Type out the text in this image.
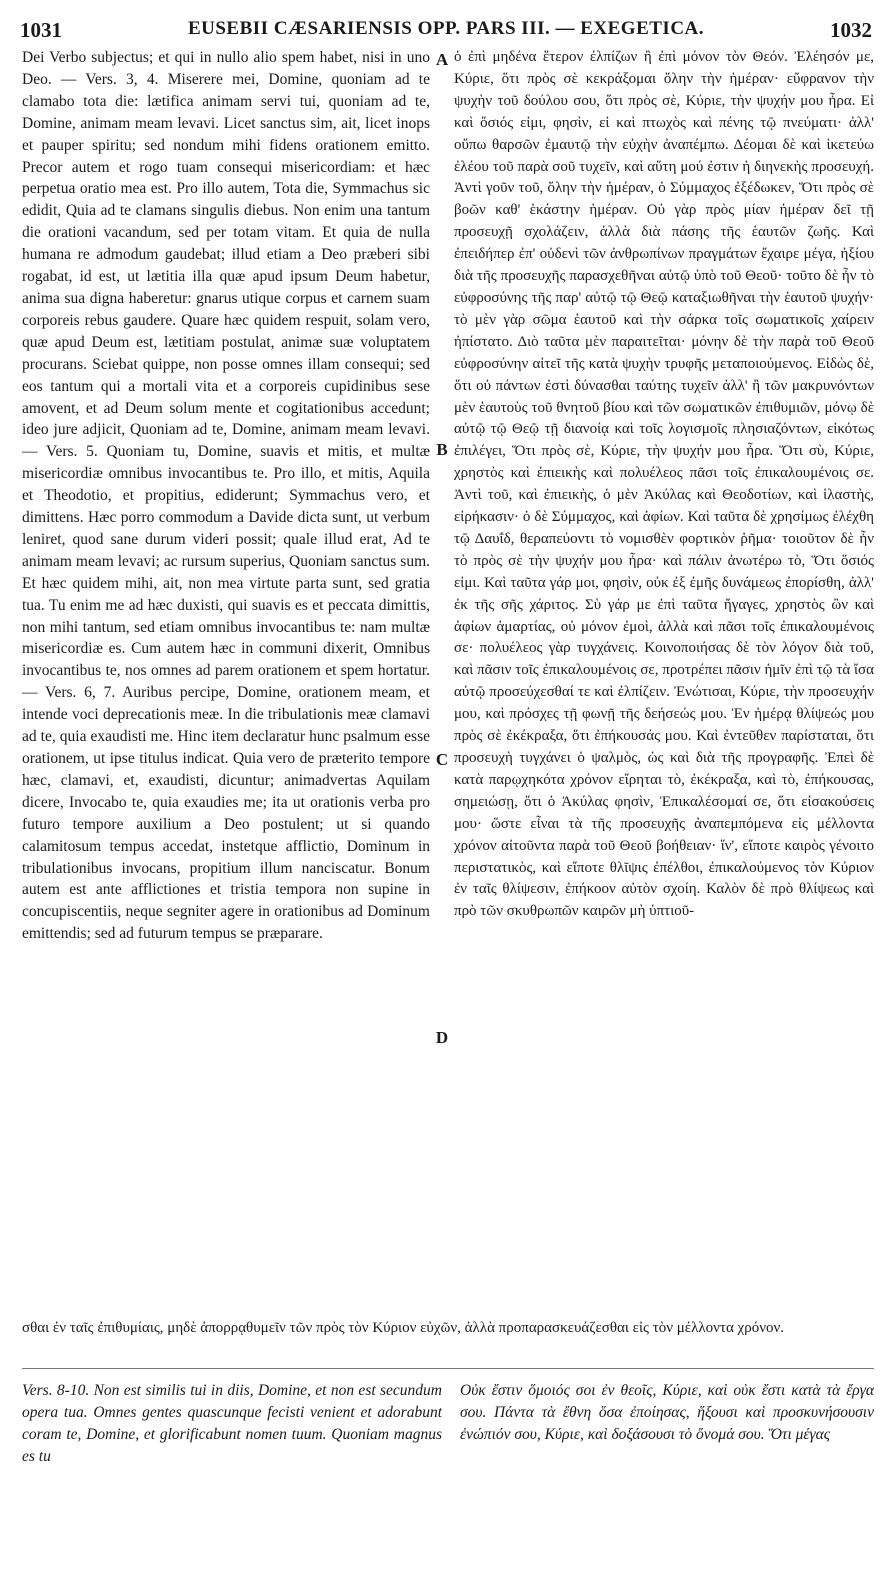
1031	EUSEBII CÆSARIENSIS OPP. PARS III. — EXEGETICA.	1032

Dei Verbo subjectus; et qui in nullo alio spem habet, nisi in uno Deo. — Vers. 3, 4. Miserere mei, Domine, quoniam ad te clamabo tota die: lætifica animam servi tui, quoniam ad te, Domine, animam meam levavi. Licet sanctus sim, ait, licet inops et pauper spiritu; sed nondum mihi fidens orationem emitto. Precor autem et rogo tuam consequi misericordiam: et hæc perpetua oratio mea est. Pro illo autem, Tota die, Symmachus sic edidit, Quia ad te clamans singulis diebus. Non enim una tantum die orationi vacandum, sed per totam vitam. Et quia de nulla humana re admodum gaudebat; illud etiam a Deo præberi sibi rogabat, id est, ut lætitia illa quæ apud ipsum Deum habetur, anima sua digna haberetur: gnarus utique corpus et carnem suam corporeis rebus gaudere. Quare hæc quidem respuit, solam vero, quæ apud Deum est, lætitiam postulat, animæ suæ voluptatem procurans. Sciebat quippe, non posse omnes illam consequi; sed eos tantum qui a mortali vita et a corporeis cupidinibus sese amovent, et ad Deum solum mente et cogitationibus accedunt; ideo jure adjicit, Quoniam ad te, Domine, animam meam levavi. — Vers. 5. Quoniam tu, Domine, suavis et mitis, et multæ misericordiæ omnibus invocantibus te. Pro illo, et mitis, Aquila et Theodotio, et propitius, ediderunt; Symmachus vero, et dimittens. Hæc porro commodum a Davide dicta sunt, ut verbum leniret, quod sane durum videri possit; quale illud erat, Ad te animam meam levavi; ac rursum superius, Quoniam sanctus sum. Et hæc quidem mihi, ait, non mea virtute parta sunt, sed gratia tua. Tu enim me ad hæc duxisti, qui suavis es et peccata dimittis, non mihi tantum, sed etiam omnibus invocantibus te: nam multæ misericordiæ es. Cum autem hæc in communi dixerit, Omnibus invocantibus te, nos omnes ad parem orationem et spem hortatur. — Vers. 6, 7. Auribus percipe, Domine, orationem meam, et intende voci deprecationis meæ. In die tribulationis meæ clamavi ad te, quia exaudisti me. Hinc item declaratur hunc psalmum esse orationem, ut ipse titulus indicat. Quia vero de præterito tempore hæc, clamavi, et, exaudisti, dicuntur; animadvertas Aquilam dicere, Invocabo te, quia exaudies me; ita ut orationis verba pro futuro tempore auxilium a Deo postulent; ut si quando calamitosum tempus accedat, instetque afflictio, Dominum in tribulationibus invocans, propitium illum nanciscatur. Bonum autem est ante afflictiones et tristia tempora non supine in concupiscentiis, neque segniter agere in orationibus ad Dominum emittendis; sed ad futurum tempus se præparare.

A
B
C
D

ὁ ἐπὶ μηδένα ἕτερον ἐλπίζων ἢ ἐπὶ μόνον τὸν Θεόν. Ἐλέησόν με, Κύριε, ὅτι πρὸς σὲ κεκράξομαι ὅλην τὴν ἡμέραν· εὔφρανον τὴν ψυχὴν τοῦ δούλου σου, ὅτι πρὸς σὲ, Κύριε, τὴν ψυχήν μου ἦρα. Εἰ καὶ ὅσιός εἰμι, φησὶν, εἰ καὶ πτωχὸς καὶ πένης τῷ πνεύματι· ἀλλ' οὔπω θαρσῶν ἐμαυτῷ τὴν εὐχὴν ἀναπέμπω. Δέομαι δὲ καὶ ἱκετεύω ἐλέου τοῦ παρὰ σοῦ τυχεῖν, καὶ αὕτη μού ἐστιν ἡ διηνεκὴς προσευχή. Ἀντὶ γοῦν τοῦ, ὅλην τὴν ἡμέραν, ὁ Σύμμαχος ἐξέδωκεν, Ὅτι πρὸς σὲ βοῶν καθ' ἑκάστην ἡμέραν. Οὐ γὰρ πρὸς μίαν ἡμέραν δεῖ τῇ προσευχῇ σχολάζειν, ἀλλὰ διὰ πάσης τῆς ἑαυτῶν ζωῆς. Καὶ ἐπειδήπερ ἐπ' οὐδενὶ τῶν ἀνθρωπίνων πραγμάτων ἔχαιρε μέγα, ἠξίου διὰ τῆς προσευχῆς παρασχεθῆναι αὐτῷ ὑπὸ τοῦ Θεοῦ· τοῦτο δὲ ἦν τὸ εὐφροσύνης τῆς παρ' αὐτῷ τῷ Θεῷ καταξιωθῆναι τὴν ἑαυτοῦ ψυχήν· τὸ μὲν γὰρ σῶμα ἑαυτοῦ καὶ τὴν σάρκα τοῖς σωματικοῖς χαίρειν ἠπίστατο. Διὸ ταῦτα μὲν παραιτεῖται· μόνην δὲ τὴν παρὰ τοῦ Θεοῦ εὐφροσύνην αἰτεῖ τῆς κατὰ ψυχὴν τρυφῆς μεταποιούμενος. Εἰδὼς δὲ, ὅτι οὐ πάντων ἐστὶ δύνασθαι ταύτης τυχεῖν ἀλλ' ἢ τῶν μακρυνόντων μὲν ἑαυτοὺς τοῦ θνητοῦ βίου καὶ τῶν σωματικῶν ἐπιθυμιῶν, μόνῳ δὲ αὐτῷ τῷ Θεῷ τῇ διανοίᾳ καὶ τοῖς λογισμοῖς πλησιαζόντων, εἰκότως ἐπιλέγει, Ὅτι πρὸς σὲ, Κύριε, τὴν ψυχήν μου ἦρα. Ὅτι σὺ, Κύριε, χρηστὸς καὶ ἐπιεικὴς καὶ πολυέλεος πᾶσι τοῖς ἐπικαλουμένοις σε. Ἀντὶ τοῦ, καὶ ἐπιεικὴς, ὁ μὲν Ἀκύλας καὶ Θεοδοτίων, καὶ ἱλαστὴς, εἰρήκασιν· ὁ δὲ Σύμμαχος, καὶ ἀφίων. Καὶ ταῦτα δὲ χρησίμως ἐλέχθη τῷ Δαυΐδ, θεραπεύοντι τὸ νομισθὲν φορτικὸν ῥῆμα· τοιοῦτον δὲ ἦν τὸ πρὸς σὲ τὴν ψυχήν μου ἦρα· καὶ πάλιν ἀνωτέρω τὸ, Ὅτι ὅσιός εἰμι. Καὶ ταῦτα γάρ μοι, φησὶν, οὐκ ἐξ ἐμῆς δυνάμεως ἐπορίσθη, ἀλλ' ἐκ τῆς σῆς χάριτος. Σὺ γάρ με ἐπὶ ταῦτα ἤγαγες, χρηστὸς ὢν καὶ ἀφίων ἁμαρτίας, οὐ μόνον ἐμοὶ, ἀλλὰ καὶ πᾶσι τοῖς ἐπικαλουμένοις σε· πολυέλεος γὰρ τυγχάνεις. Κοινοποιήσας δὲ τὸν λόγον διὰ τοῦ, καὶ πᾶσιν τοῖς ἐπικαλουμένοις σε, προτρέπει πᾶσιν ἡμῖν ἐπὶ τῷ τὰ ἴσα αὐτῷ προσεύχεσθαί τε καὶ ἐλπίζειν. Ἐνώτισαι, Κύριε, τὴν προσευχήν μου, καὶ πρόσχες τῇ φωνῇ τῆς δεήσεώς μου. Ἐν ἡμέρᾳ θλίψεώς μου πρὸς σὲ ἐκέκραξα, ὅτι ἐπήκουσάς μου. Καὶ ἐντεῦθεν παρίσταται, ὅτι προσευχὴ τυγχάνει ὁ ψαλμὸς, ὡς καὶ διὰ τῆς προγραφῆς. Ἐπεὶ δὲ κατὰ παρῳχηκότα χρόνον εἴρηται τὸ, ἐκέκραξα, καὶ τὸ, ἐπήκουσας, σημειώσῃ, ὅτι ὁ Ἀκύλας φησὶν, Ἐπικαλέσομαί σε, ὅτι εἰσακούσεις μου· ὥστε εἶναι τὰ τῆς προσευχῆς ἀναπεμπόμενα εἰς μέλλοντα χρόνον αἰτοῦντα παρὰ τοῦ Θεοῦ βοήθειαν· ἵν', εἴποτε καιρὸς γένοιτο περιστατικὸς, καὶ εἴποτε θλῖψις ἐπέλθοι, ἐπικαλούμενος τὸν Κύριον ἐν ταῖς θλίψεσιν, ἐπήκοον αὐτὸν σχοίη. Καλὸν δὲ πρὸ θλίψεως καὶ πρὸ τῶν σκυθρωπῶν καιρῶν μὴ ὑπτιοῦ-

σθαι ἐν ταῖς ἐπιθυμίαις, μηδὲ ἀπορρᾳθυμεῖν τῶν πρὸς τὸν Κύριον εὐχῶν, ἀλλὰ προπαρασκευάζεσθαι εἰς τὸν μέλλοντα χρόνον.

Vers. 8-10. Non est similis tui in diis, Domine, et non est secundum opera tua. Omnes gentes quascunque fecisti venient et adorabunt coram te, Domine, et glorificabunt nomen tuum. Quoniam magnus es tu

Οὐκ ἔστιν ὅμοιός σοι ἐν θεοῖς, Κύριε, καὶ οὐκ ἔστι κατὰ τὰ ἔργα σου. Πάντα τὰ ἔθνη ὅσα ἐποίησας, ἥξουσι καὶ προσκυνήσουσιν ἐνώπιόν σου, Κύριε, καὶ δοξάσουσι τὸ ὄνομά σου. Ὅτι μέγας
